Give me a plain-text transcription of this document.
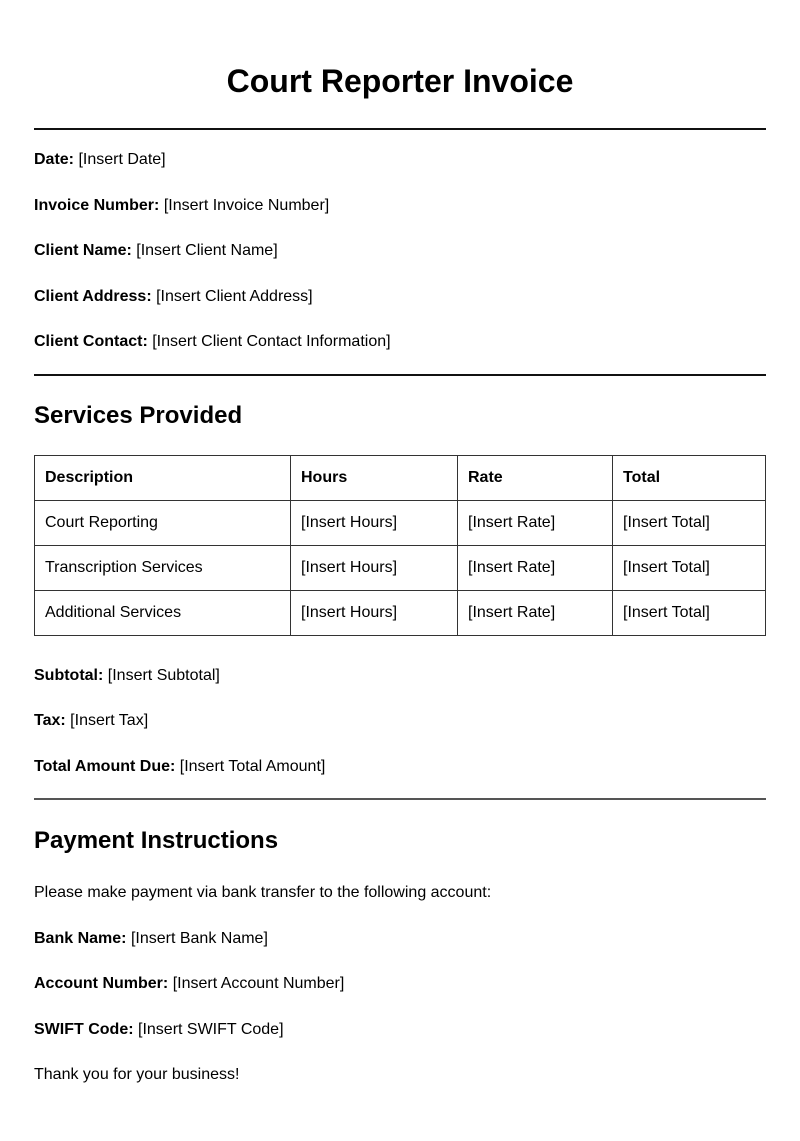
Court Reporter Invoice
Date: [Insert Date]
Invoice Number: [Insert Invoice Number]
Client Name: [Insert Client Name]
Client Address: [Insert Client Address]
Client Contact: [Insert Client Contact Information]
Services Provided
Description	Hours	Rate	Total
Court Reporting	[Insert Hours]	[Insert Rate]	[Insert Total]
Transcription Services	[Insert Hours]	[Insert Rate]	[Insert Total]
Additional Services	[Insert Hours]	[Insert Rate]	[Insert Total]
Subtotal: [Insert Subtotal]
Tax: [Insert Tax]
Total Amount Due: [Insert Total Amount]
Payment Instructions
Please make payment via bank transfer to the following account:
Bank Name: [Insert Bank Name]
Account Number: [Insert Account Number]
SWIFT Code: [Insert SWIFT Code]
Thank you for your business!
